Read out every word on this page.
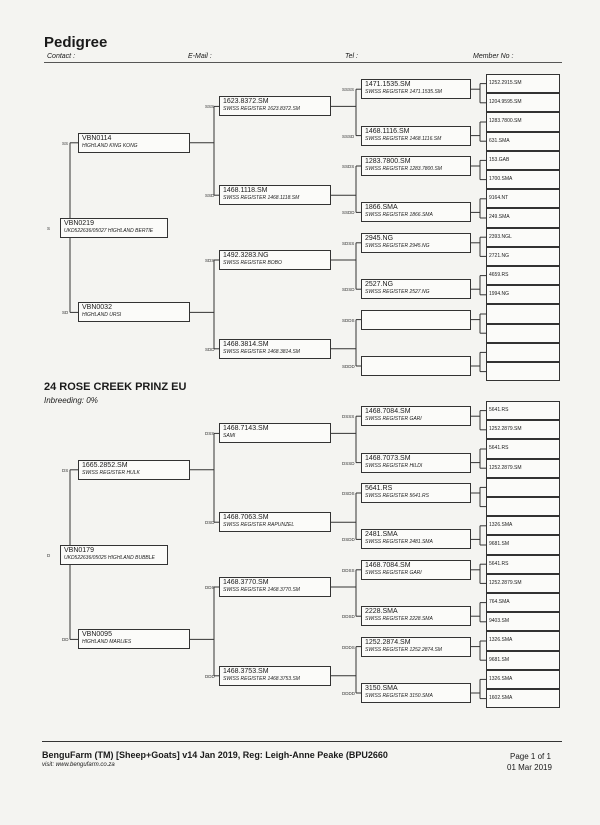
Pedigree
Contact :	E-Mail :	Tel :	Member No :
VBN0219
UKD522636/05027 HIGHLAND BERTIE
S
VBN0114
HIGHLAND KING KONG
SS
VBN0032
HIGHLAND URSI
SD
1623.8372.SM
SWISS REGISTER 1623.8372.SM
SSS
1468.1118.SM
SWISS REGISTER 1468.1118.SM
SSD
1492.3283.NG
SWISS REGISTER BOBO
SDS
1468.3814.SM
SWISS REGISTER 1468.3814.SM
SDD
1471.1535.SM
SWISS REGISTER 1471.1535.SM
SSSS
1468.1116.SM
SWISS REGISTER 1468.1116.SM
SSSD
1283.7800.SM
SWISS REGISTER 1283.7800.SM
SSDS
1866.SMA
SWISS REGISTER 1866.SMA
SSDD
2945.NG
SWISS REGISTER 2945.NG
SDSS
2527.NG
SWISS REGISTER 2527.NG
SDSD
SDDS
SDDD
1252.2915.SM
1204.9595.SM
1283.7800.SM
631.SMA
153.GAB
1700.SMA
9164.NT
249.SMA
2393.NGL
2721.NG
4659.RS
1994.NG
VBN0179
UKD522636/05025 HIGHLAND BUBBLE
D
1665.2852.SM
SWISS REGISTER HULK
DS
VBN0095
HIGHLAND MARLIES
DD
1468.7143.SM
SAMI
DSS
1468.7063.SM
SWISS REGISTER RAPUNZEL
DSD
1468.3770.SM
SWISS REGISTER 1468.3770.SM
DDS
1468.3753.SM
SWISS REGISTER 1468.3753.SM
DDD
1468.7084.SM
SWISS REGISTER GARI
DSSS
1468.7073.SM
SWISS REGISTER HILDI
DSSD
5641.RS
SWISS REGISTER 5641.RS
DSDS
2481.SMA
SWISS REGISTER 2481.SMA
DSDD
1468.7084.SM
SWISS REGISTER GARI
DDSS
2228.SMA
SWISS REGISTER 2228.SMA
DDSD
1252.2874.SM
SWISS REGISTER 1252.2874.SM
DDDS
3150.SMA
SWISS REGISTER 3150.SMA
DDDD
5641.RS
1252.2879.SM
5641.RS
1252.2879.SM
1326.SMA
9681.SM
5641.RS
1252.2879.SM
764.SMA
9403.SM
1326.SMA
9681.SM
1326.SMA
1602.SMA
24 ROSE CREEK PRINZ EU
Inbreeding: 0%
BenguFarm (TM) [Sheep+Goats] v14 Jan 2019, Reg: Leigh-Anne Peake (BPU2660
visit: www.bengufarm.co.za
Page 1 of 1
01 Mar 2019
